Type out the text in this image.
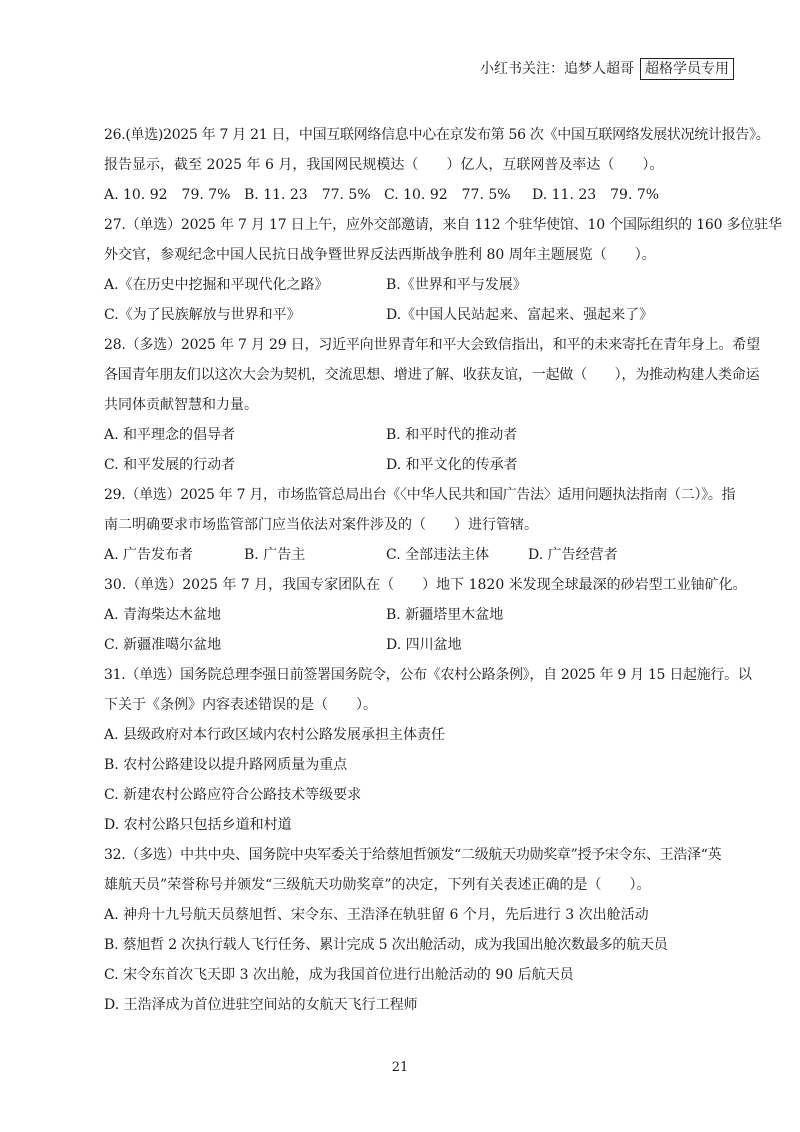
小红书关注：追梦人超哥 超格学员专用

26.(单选)2025 年 7 月 21 日，中国互联网络信息中心在京发布第 56 次《中国互联网络发展状况统计报告》。

报告显示，截至 2025 年 6 月，我国网民规模达（　　）亿人，互联网普及率达（　　）。

A. 10. 92　79. 7% B. 11. 23　77. 5% C. 10. 92　77. 5%	D. 11. 23　79. 7%

27.（单选）2025 年 7 月 17 日上午，应外交部邀请，来自 112 个驻华使馆、10 个国际组织的 160 多位驻华

外交官，参观纪念中国人民抗日战争暨世界反法西斯战争胜利 80 周年主题展览（　　）。

A.《在历史中挖掘和平现代化之路》	B.《世界和平与发展》
C.《为了民族解放与世界和平》	D.《中国人民站起来、富起来、强起来了》

28.（多选）2025 年 7 月 29 日，习近平向世界青年和平大会致信指出，和平的未来寄托在青年身上。希望

各国青年朋友们以这次大会为契机，交流思想、增进了解、收获友谊，一起做（　　），为推动构建人类命运

共同体贡献智慧和力量。

A. 和平理念的倡导者	B. 和平时代的推动者
C. 和平发展的行动者	D. 和平文化的传承者

29.（单选）2025 年 7 月，市场监管总局出台《〈中华人民共和国广告法〉适用问题执法指南（二）》。指

南二明确要求市场监管部门应当依法对案件涉及的（　　）进行管辖。

A. 广告发布者	B. 广告主	C. 全部违法主体	D. 广告经营者

30.（单选）2025 年 7 月，我国专家团队在（　　）地下 1820 米发现全球最深的砂岩型工业铀矿化。

A. 青海柴达木盆地	B. 新疆塔里木盆地
C. 新疆准噶尔盆地	D. 四川盆地

31.（单选）国务院总理李强日前签署国务院令，公布《农村公路条例》，自 2025 年 9 月 15 日起施行。以

下关于《条例》内容表述错误的是（　　）。

A. 县级政府对本行政区域内农村公路发展承担主体责任

B. 农村公路建设以提升路网质量为重点

C. 新建农村公路应符合公路技术等级要求

D. 农村公路只包括乡道和村道

32.（多选）中共中央、国务院中央军委关于给蔡旭哲颁发“二级航天功勋奖章”授予宋令东、王浩泽“英

雄航天员”荣誉称号并颁发“三级航天功勋奖章”的决定，下列有关表述正确的是（　　）。

A. 神舟十九号航天员蔡旭哲、宋令东、王浩泽在轨驻留 6 个月，先后进行 3 次出舱活动

B. 蔡旭哲 2 次执行载人飞行任务、累计完成 5 次出舱活动，成为我国出舱次数最多的航天员

C. 宋令东首次飞天即 3 次出舱，成为我国首位进行出舱活动的 90 后航天员

D. 王浩泽成为首位进驻空间站的女航天飞行工程师

21
